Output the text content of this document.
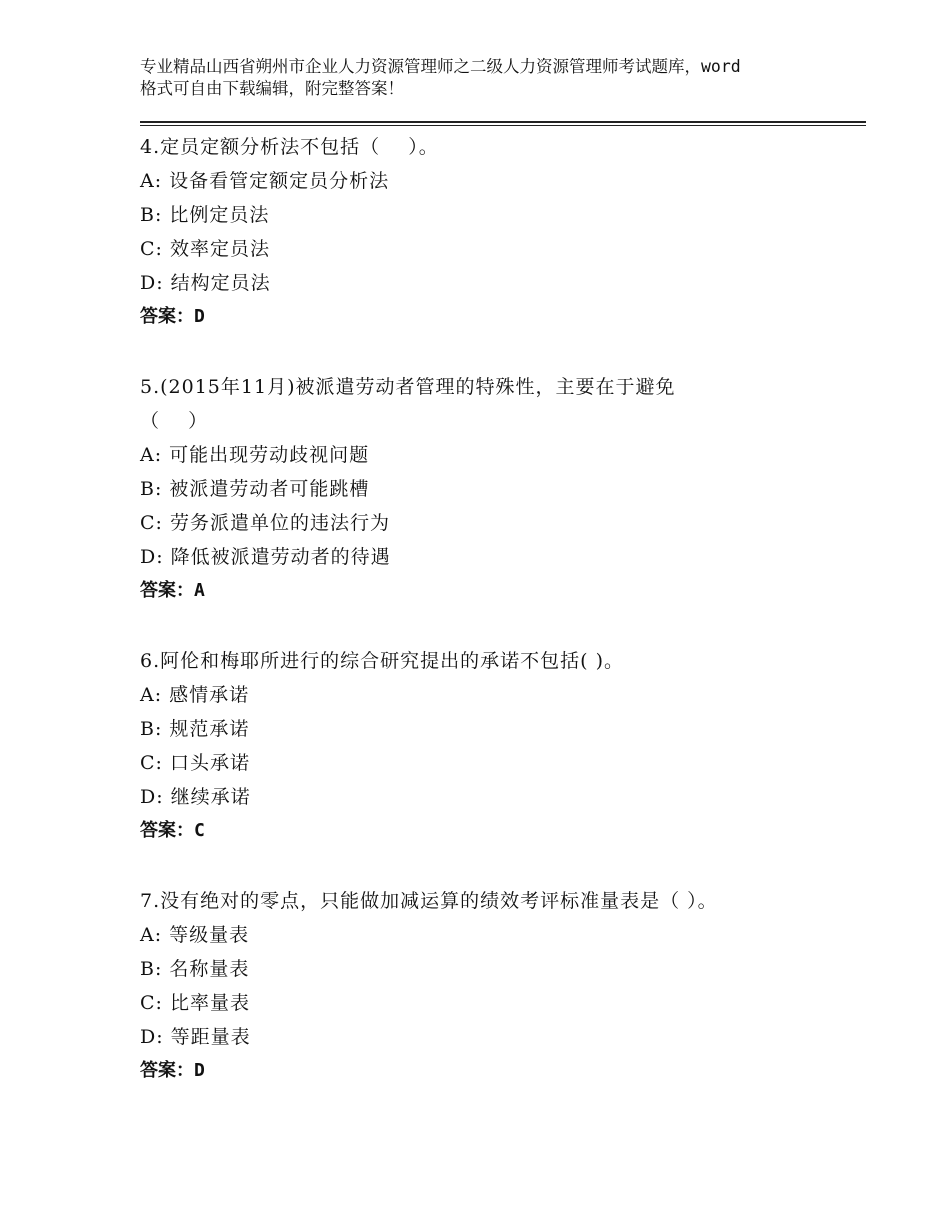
专业精品山西省朔州市企业人力资源管理师之二级人力资源管理师考试题库，word
格式可自由下载编辑，附完整答案！
4.定员定额分析法不包括（    ）。
A: 设备看管定额定员分析法
B: 比例定员法
C: 效率定员法
D: 结构定员法
答案：D
5.(2015年11月)被派遣劳动者管理的特殊性，主要在于避免
（    ）
A: 可能出现劳动歧视问题
B: 被派遣劳动者可能跳槽
C: 劳务派遣单位的违法行为
D: 降低被派遣劳动者的待遇
答案：A
6.阿伦和梅耶所进行的综合研究提出的承诺不包括( )。
A: 感情承诺
B: 规范承诺
C: 口头承诺
D: 继续承诺
答案：C
7.没有绝对的零点，只能做加减运算的绩效考评标准量表是（ ）。
A: 等级量表
B: 名称量表
C: 比率量表
D: 等距量表
答案：D
